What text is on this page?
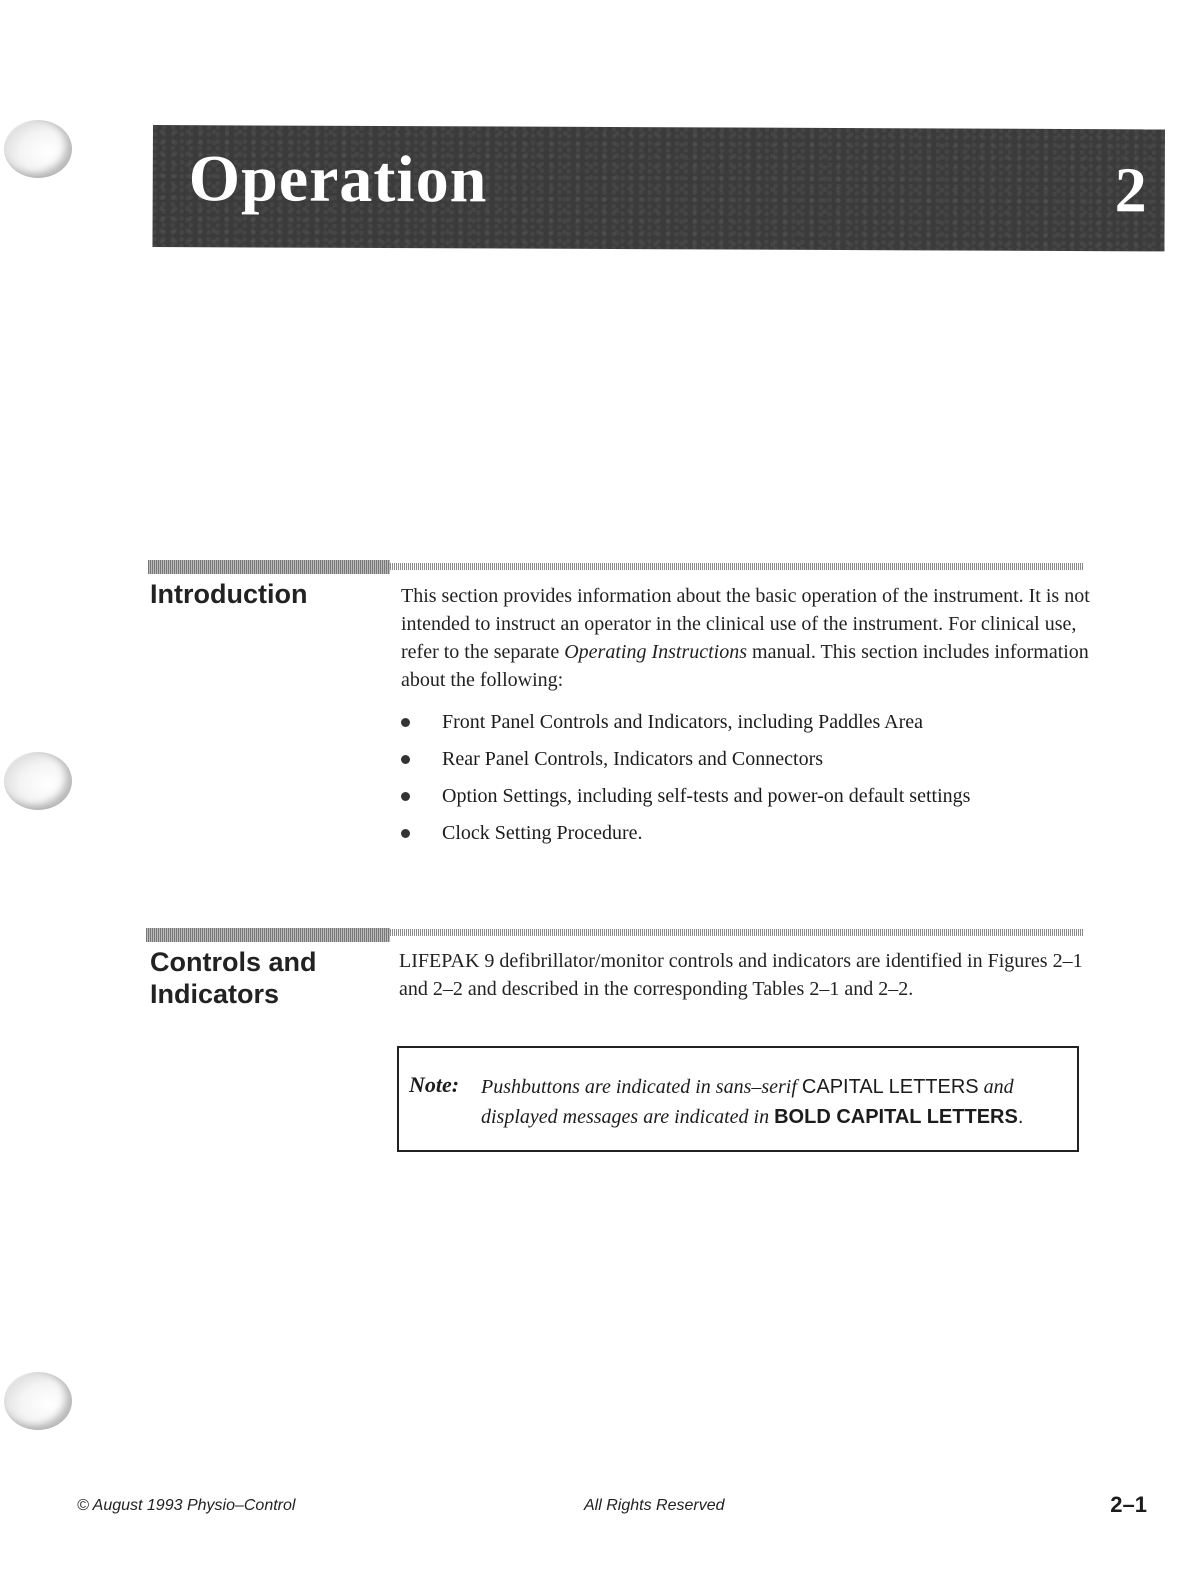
Operation	2
Introduction	This section provides information about the basic operation of the instrument. It is not intended to instruct an operator in the clinical use of the instrument. For clinical use, refer to the separate Operating Instructions manual. This section includes information about the following:
Front Panel Controls and Indicators, including Paddles Area
Rear Panel Controls, Indicators and Connectors
Option Settings, including self-tests and power-on default settings
Clock Setting Procedure.
Controls and
Indicators
LIFEPAK 9 defibrillator/monitor controls and indicators are identified in Figures 2–1 and 2–2 and described in the corresponding Tables 2–1 and 2–2.
Note: Pushbuttons are indicated in sans–serif CAPITAL LETTERS and displayed messages are indicated in BOLD CAPITAL LETTERS.
© August 1993 Physio–Control	All Rights Reserved	2–1
